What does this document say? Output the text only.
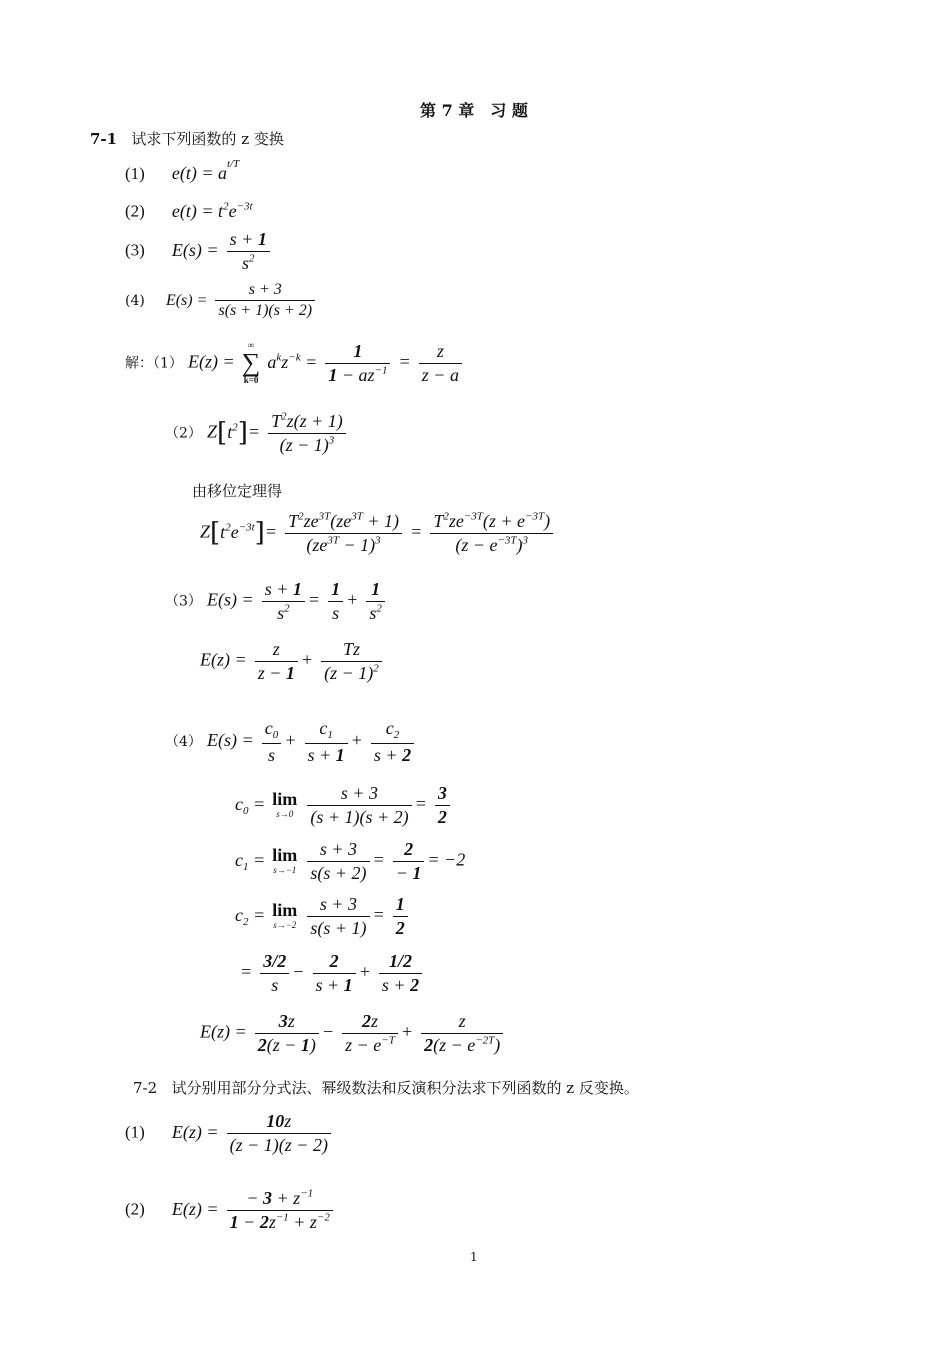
第 7 章　习 题
7-1 试求下列函数的 z 变换
(1) $e(t) = a^{t/T}$
(2) $e(t) = t^2e^{-3t}$
(3) $E(s) = \frac{s + 1}{s^2}$
(4) $E(s) = \frac{s + 3}{s(s + 1)(s + 2)}$
解：（1） E(z) =
∞
∑
k=0
$a^kz^{-k} = \frac{1}{1 - az^{-1}} = \frac{z}{z - a}$
（2） $Z[t^2]= \frac{T^2z(z + 1)}{(z - 1)^3}$
由移位定理得
$Z[t^2e^{-3t}]= \frac{T^2ze^{3T}(ze^{3T} + 1)}{(ze^{3T} - 1)^3} = \frac{T^2ze^{-3T}(z + e^{-3T})}{(z - e^{-3T})^3}$
（3） $E(s) = \frac{s + 1}{s^2} = \frac{1}{s} + \frac{1}{s^2}$
$E(z) = \frac{z}{z - 1} + \frac{Tz}{(z - 1)^2}$
（4） $E(s) = \frac{c_0}{s} + \frac{c_1}{s + 1} + \frac{c_2}{s + 2}$
$c_0 = \lim$
s→0
$\frac{s + 3}{(s + 1)(s + 2)} = \frac{3}{2}$
$c_1 = \lim$
s→−1
$\frac{s + 3}{s(s + 2)} = \frac{2}{- 1} = -2$
$c_2 = \lim$
s→−2
$\frac{s + 3}{s(s + 1)} = \frac{1}{2}$
= $\frac{3/2}{s} - \frac{2}{s + 1} + \frac{1/2}{s + 2}$
$E(z) = \frac{3z}{2(z - 1)} - \frac{2z}{z - e^{-T}} + \frac{z}{2(z - e^{-2T})}$
7-2 试分别用部分分式法、幂级数法和反演积分法求下列函数的 z 反变换。
(1) $E(z) = \frac{10z}{(z - 1)(z - 2)}$
(2) $E(z) = \frac{- 3 + z^{-1}}{1 - 2z^{-1} + z^{-2}}$
1
